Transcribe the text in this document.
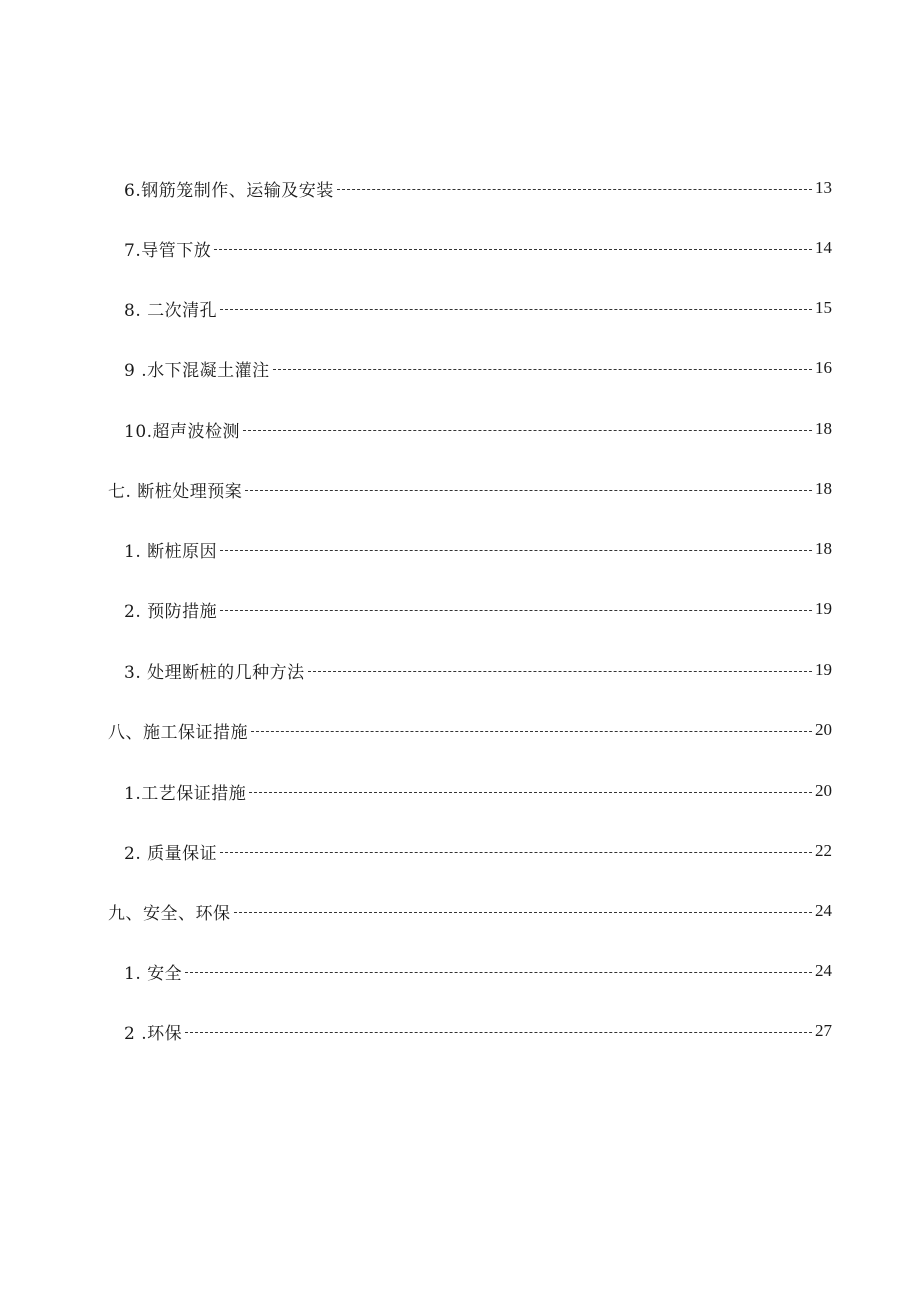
6.钢筋笼制作、运输及安装	13
7.导管下放	14
8. 二次清孔	15
9 .水下混凝土灌注	16
10.超声波检测	18
七. 断桩处理预案	18
1. 断桩原因	18
2. 预防措施	19
3. 处理断桩的几种方法	19
八、施工保证措施	20
1.工艺保证措施	20
2. 质量保证	22
九、安全、环保	24
1. 安全	24
2 .环保	27
